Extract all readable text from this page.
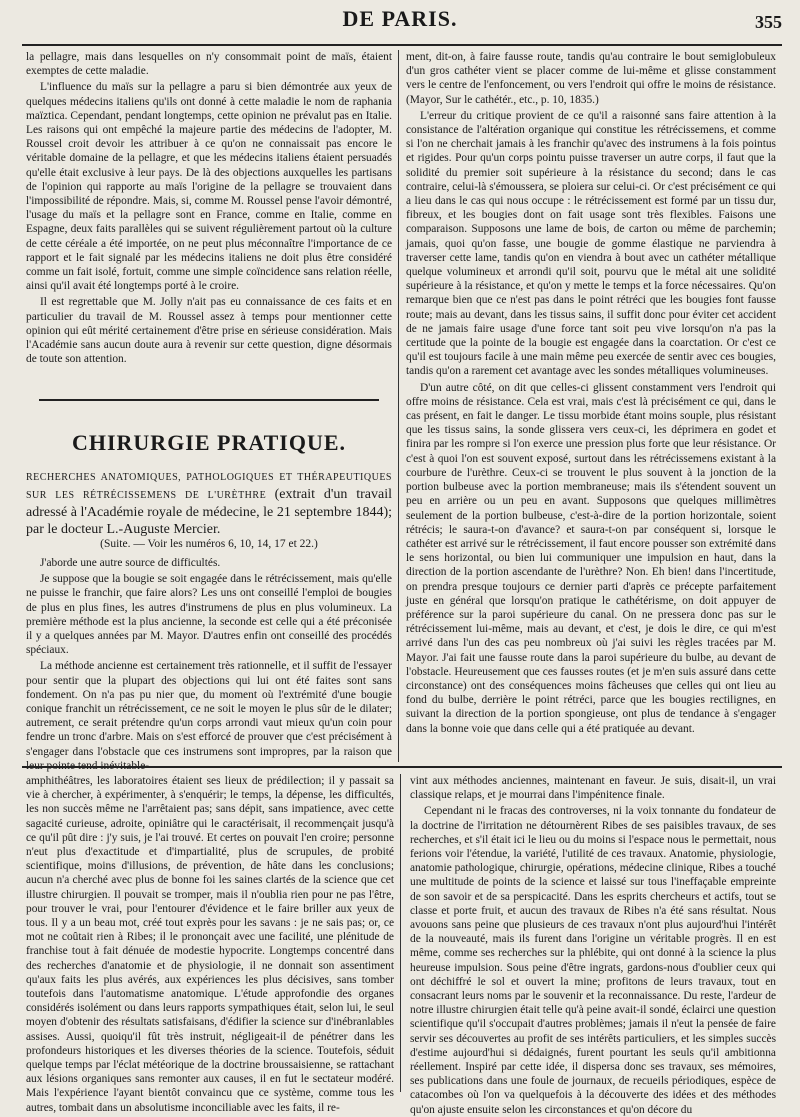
DE PARIS.	355

la pellagre, mais dans lesquelles on n'y consommait point de maïs, étaient exemptes de cette maladie.

L'influence du maïs sur la pellagre a paru si bien démontrée aux yeux de quelques médecins italiens qu'ils ont donné à cette maladie le nom de raphania maïztica. Cependant, pendant longtemps, cette opinion ne prévalut pas en Italie. Les raisons qui ont empêché la majeure partie des médecins de l'adopter, M. Roussel croit devoir les attribuer à ce qu'on ne connaissait pas encore le véritable domaine de la pellagre, et que les médecins italiens étaient persuadés qu'elle était exclusive à leur pays. De là des objections auxquelles les partisans de l'opinion qui rapporte au maïs l'origine de la pellagre se trouvaient dans l'impossibilité de répondre. Mais, si, comme M. Roussel pense l'avoir démontré, l'usage du maïs et la pellagre sont en France, comme en Italie, comme en Espagne, deux faits parallèles qui se suivent régulièrement partout où la culture de cette céréale a été importée, on ne peut plus méconnaître l'importance de ce rapport et le fait signalé par les médecins italiens ne doit plus être considéré comme un fait isolé, fortuit, comme une simple coïncidence sans relation réelle, ainsi qu'il avait été longtemps porté à le croire.

Il est regrettable que M. Jolly n'ait pas eu connaissance de ces faits et en particulier du travail de M. Roussel assez à temps pour mentionner cette opinion qui eût mérité certainement d'être prise en sérieuse considération. Mais l'Académie sans aucun doute aura à revenir sur cette question, digne désormais de toute son attention.

CHIRURGIE PRATIQUE.
RECHERCHES ANATOMIQUES, PATHOLOGIQUES ET THÉRAPEUTIQUES SUR LES RÉTRÉCISSEMENS DE L'URÈTHRE (extrait d'un travail adressé à l'Académie royale de médecine, le 21 septembre 1844); par le docteur L.-Auguste Mercier.
(Suite. — Voir les numéros 6, 10, 14, 17 et 22.)

J'aborde une autre source de difficultés.

Je suppose que la bougie se soit engagée dans le rétrécissement, mais qu'elle ne puisse le franchir, que faire alors? Les uns ont conseillé l'emploi de bougies de plus en plus fines, les autres d'instrumens de plus en plus volumineux. La première méthode est la plus ancienne, la seconde est celle qui a été préconisée il y a quelques années par M. Mayor. D'autres enfin ont conseillé des procédés spéciaux.

La méthode ancienne est certainement très rationnelle, et il suffit de l'essayer pour sentir que la plupart des objections qui lui ont été faites sont sans fondement. On n'a pas pu nier que, du moment où l'extrémité d'une bougie conique franchit un rétrécissement, ce ne soit le moyen le plus sûr de le dilater; autrement, ce serait prétendre qu'un corps arrondi vaut mieux qu'un coin pour fendre un tronc d'arbre. Mais on s'est efforcé de prouver que c'est précisément à s'engager dans l'obstacle que ces instrumens sont impropres, par la raison que leur pointe tend inévitable-

ment, dit-on, à faire fausse route, tandis qu'au contraire le bout semiglobuleux d'un gros cathéter vient se placer comme de lui-même et glisse constamment vers le centre de l'enfoncement, ou vers l'endroit qui offre le moins de résistance. (Mayor, Sur le cathétér., etc., p. 10, 1835.)

L'erreur du critique provient de ce qu'il a raisonné sans faire attention à la consistance de l'altération organique qui constitue les rétrécissemens, et comme si l'on ne cherchait jamais à les franchir qu'avec des instrumens à la fois pointus et rigides. Pour qu'un corps pointu puisse traverser un autre corps, il faut que la solidité du premier soit supérieure à la résistance du second; dans le cas contraire, celui-là s'émoussera, se ploiera sur celui-ci. Or c'est précisément ce qui a lieu dans le cas qui nous occupe : le rétrécissement est formé par un tissu dur, fibreux, et les bougies dont on fait usage sont très flexibles. Faisons une comparaison. Supposons une lame de bois, de carton ou même de parchemin; jamais, quoi qu'on fasse, une bougie de gomme élastique ne parviendra à traverser cette lame, tandis qu'on en viendra à bout avec un cathéter métallique quelque volumineux et arrondi qu'il soit, pourvu que le métal ait une solidité supérieure à la résistance, et qu'on y mette le temps et la force nécessaires. Qu'on remarque bien que ce n'est pas dans le point rétréci que les bougies font fausse route; mais au devant, dans les tissus sains, il suffit donc pour éviter cet accident de ne jamais faire usage d'une force tant soit peu vive lorsqu'on n'a pas la certitude que la pointe de la bougie est engagée dans la coarctation. Or c'est ce qu'il est toujours facile à une main même peu exercée de sentir avec ces bougies, tandis qu'on a rarement cet avantage avec les sondes métalliques volumineuses.

D'un autre côté, on dit que celles-ci glissent constamment vers l'endroit qui offre moins de résistance. Cela est vrai, mais c'est là précisément ce qui, dans le cas présent, en fait le danger. Le tissu morbide étant moins souple, plus résistant que les tissus sains, la sonde glissera vers ceux-ci, les déprimera en godet et finira par les rompre si l'on exerce une pression plus forte que leur résistance. Or c'est à quoi l'on est souvent exposé, surtout dans les rétrécissemens existant à la courbure de l'urèthre. Ceux-ci se trouvent le plus souvent à la jonction de la portion bulbeuse avec la portion membraneuse; mais ils s'étendent souvent un peu en arrière ou un peu en avant. Supposons que quelques millimètres seulement de la portion bulbeuse, c'est-à-dire de la portion horizontale, soient rétrécis; le saura-t-on d'avance? et saura-t-on par conséquent si, lorsque le cathéter est arrivé sur le rétrécissement, il faut encore pousser son extrémité dans le sens horizontal, ou bien lui communiquer une impulsion en haut, dans la direction de la portion ascendante de l'urèthre? Non. Eh bien! dans l'incertitude, on prendra presque toujours ce dernier parti d'après ce précepte parfaitement juste en général que lorsqu'on pratique le cathétérisme, on doit appuyer de préférence sur la paroi supérieure du canal. On ne pressera donc pas sur le rétrécissement lui-même, mais au devant, et c'est, je dois le dire, ce qui m'est arrivé dans l'un des cas peu nombreux où j'ai suivi les règles tracées par M. Mayor. J'ai fait une fausse route dans la paroi supérieure du bulbe, au devant de l'obstacle. Heureusement que ces fausses routes (et je m'en suis assuré dans cette circonstance) ont des conséquences moins fâcheuses que celles qui ont lieu au fond du bulbe, derrière le point rétréci, parce que les bougies rectilignes, en suivant la direction de la portion spongieuse, ont plus de tendance à s'engager dans la bonne voie que dans celle qui a été pratiquée au devant.

amphithéâtres, les laboratoires étaient ses lieux de prédilection; il y passait sa vie à chercher, à expérimenter, à s'enquérir; le temps, la dépense, les difficultés, les non succès même ne l'arrêtaient pas; sans dépit, sans impatience, avec cette sagacité curieuse, adroite, opiniâtre qui le caractérisait, il recommençait jusqu'à ce qu'il pût dire : j'y suis, je l'ai trouvé. Et certes on pouvait l'en croire; personne n'eut plus d'exactitude et d'impartialité, plus de scrupules, de probité scientifique, moins d'illusions, de prévention, de hâte dans les conclusions; aucun n'a cherché avec plus de bonne foi les saines clartés de la science que cet illustre chirurgien. Il pouvait se tromper, mais il n'oublia rien pour ne pas l'être, pour trouver le vrai, pour l'entourer d'évidence et le faire briller aux yeux de tous. Il y a un beau mot, créé tout exprès pour les savans : je ne sais pas; or, ce mot ne coûtait rien à Ribes; il le prononçait avec une facilité, une plénitude de franchise tout à fait dénuée de modestie hypocrite. Longtemps concentré dans des recherches d'anatomie et de physiologie, il ne donnait son assentiment qu'aux faits les plus avérés, aux expériences les plus décisives, sans tomber toutefois dans l'automatisme anatomique. L'étude approfondie des organes considérés isolément ou dans leurs rapports sympathiques était, selon lui, le seul moyen d'obtenir des résultats satisfaisans, d'édifier la science sur d'inébranlables assises. Aussi, quoiqu'il fût très instruit, négligeait-il de pénétrer dans les profondeurs historiques et les diverses théories de la science. Toutefois, séduit quelque temps par l'éclat météorique de la doctrine broussaisienne, se rattachant aux lésions organiques sans remonter aux causes, il en fut le sectateur modéré. Mais l'expérience l'ayant bientôt convaincu que ce système, comme tous les autres, tombait dans un absolutisme inconciliable avec les faits, il re-

vint aux méthodes anciennes, maintenant en faveur. Je suis, disait-il, un vrai classique relaps, et je mourrai dans l'impénitence finale.

Cependant ni le fracas des controverses, ni la voix tonnante du fondateur de la doctrine de l'irritation ne détournèrent Ribes de ses paisibles travaux, de ses recherches, et s'il était ici le lieu ou du moins si l'espace nous le permettait, nous ferions voir l'étendue, la variété, l'utilité de ces travaux. Anatomie, physiologie, anatomie pathologique, chirurgie, opérations, médecine clinique, Ribes a touché une multitude de points de la science et laissé sur tous l'ineffaçable empreinte de son savoir et de sa perspicacité. Dans les esprits chercheurs et actifs, tout se classe et porte fruit, et aucun des travaux de Ribes n'a été sans résultat. Nous avouons sans peine que plusieurs de ces travaux n'ont plus aujourd'hui l'intérêt de la nouveauté, mais ils furent dans l'origine un véritable progrès. Il en est même, comme ses recherches sur la phlébite, qui ont donné à la science la plus heureuse impulsion. Sous peine d'être ingrats, gardons-nous d'oublier ceux qui ont déchiffré le sol et ouvert la mine; profitons de leurs travaux, tout en consacrant leurs noms par le souvenir et la reconnaissance. Du reste, l'ardeur de notre illustre chirurgien était telle qu'à peine avait-il sondé, éclairci une question scientifique qu'il s'occupait d'autres problèmes; jamais il n'eut la pensée de faire servir ses découvertes au profit de ses intérêts particuliers, et les simples succès d'estime aujourd'hui si dédaignés, furent pourtant les seuls qu'il ambitionna réellement. Inspiré par cette idée, il dispersa donc ses travaux, ses mémoires, ses publications dans une foule de journaux, de recueils périodiques, espèce de catacombes où l'on va quelquefois à la découverte des idées et des méthodes qu'on ajuste ensuite selon les circonstances et qu'on décore du
